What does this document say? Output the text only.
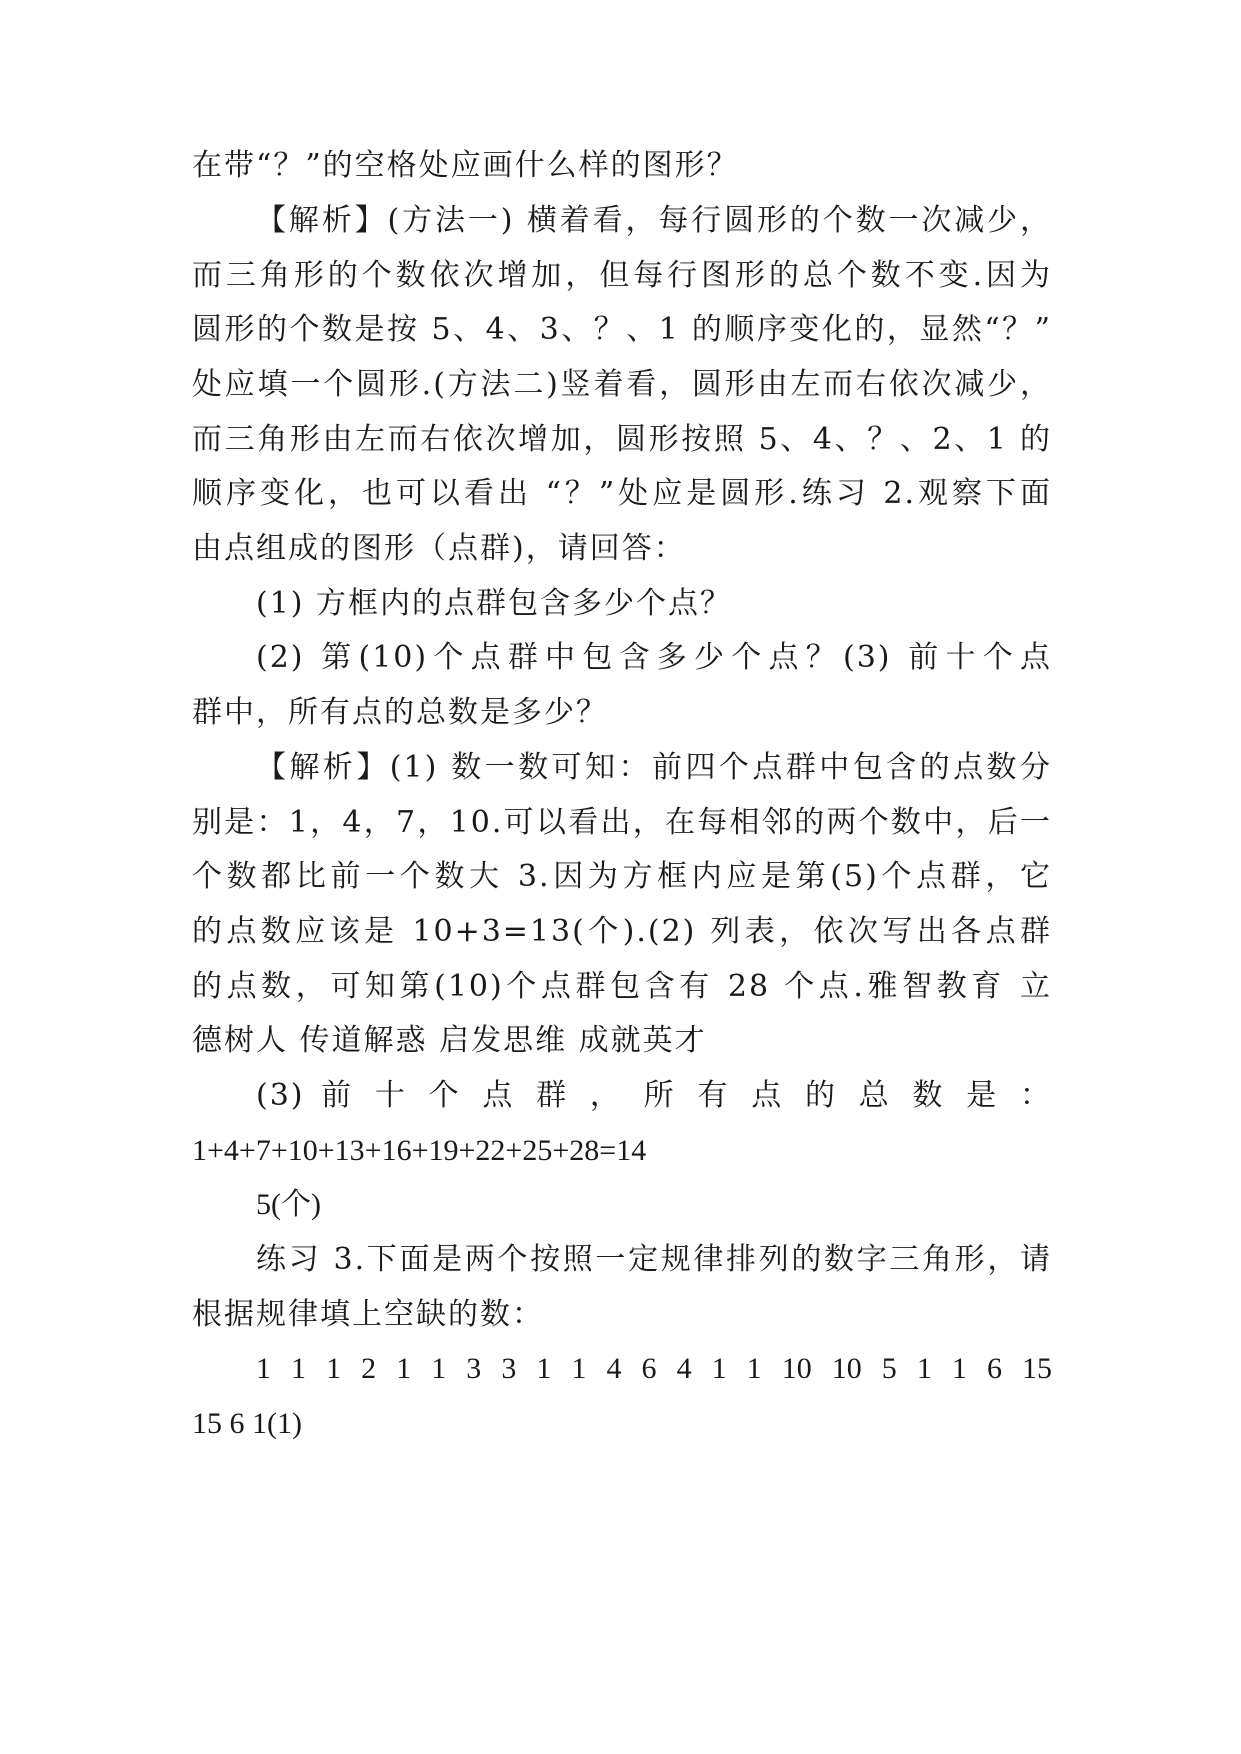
在带“？”的空格处应画什么样的图形？
【解析】(方法一) 横着看，每行圆形的个数一次减少，
而三角形的个数依次增加，但每行图形的总个数不变.因为
圆形的个数是按 5、4、3、？、1 的顺序变化的，显然“？”
处应填一个圆形.(方法二)竖着看，圆形由左而右依次减少，
而三角形由左而右依次增加，圆形按照 5、4、？、2、1 的
顺序变化，也可以看出 “？”处应是圆形.练习 2.观察下面
由点组成的图形（点群)，请回答：
(1) 方框内的点群包含多少个点？
(2) 第(10)个点群中包含多少个点？(3) 前十个点
群中，所有点的总数是多少？
【解析】(1) 数一数可知：前四个点群中包含的点数分
别是：1，4，7，10.可以看出，在每相邻的两个数中，后一
个数都比前一个数大 3.因为方框内应是第(5)个点群，它
的点数应该是 10+3=13(个).(2) 列表，依次写出各点群
的点数，可知第(10)个点群包含有 28 个点.雅智教育 立
德树人 传道解惑 启发思维 成就英才
(3) 前 十 个 点 群 ， 所 有 点 的 总 数 是 ：
1+4+7+10+13+16+19+22+25+28=14
5(个)
练习 3.下面是两个按照一定规律排列的数字三角形，请
根据规律填上空缺的数：
1 1 1 2 1 1 3 3 1 1 4 6 4 1 1 10 10 5 1 1 6 15
15 6 1(1)
